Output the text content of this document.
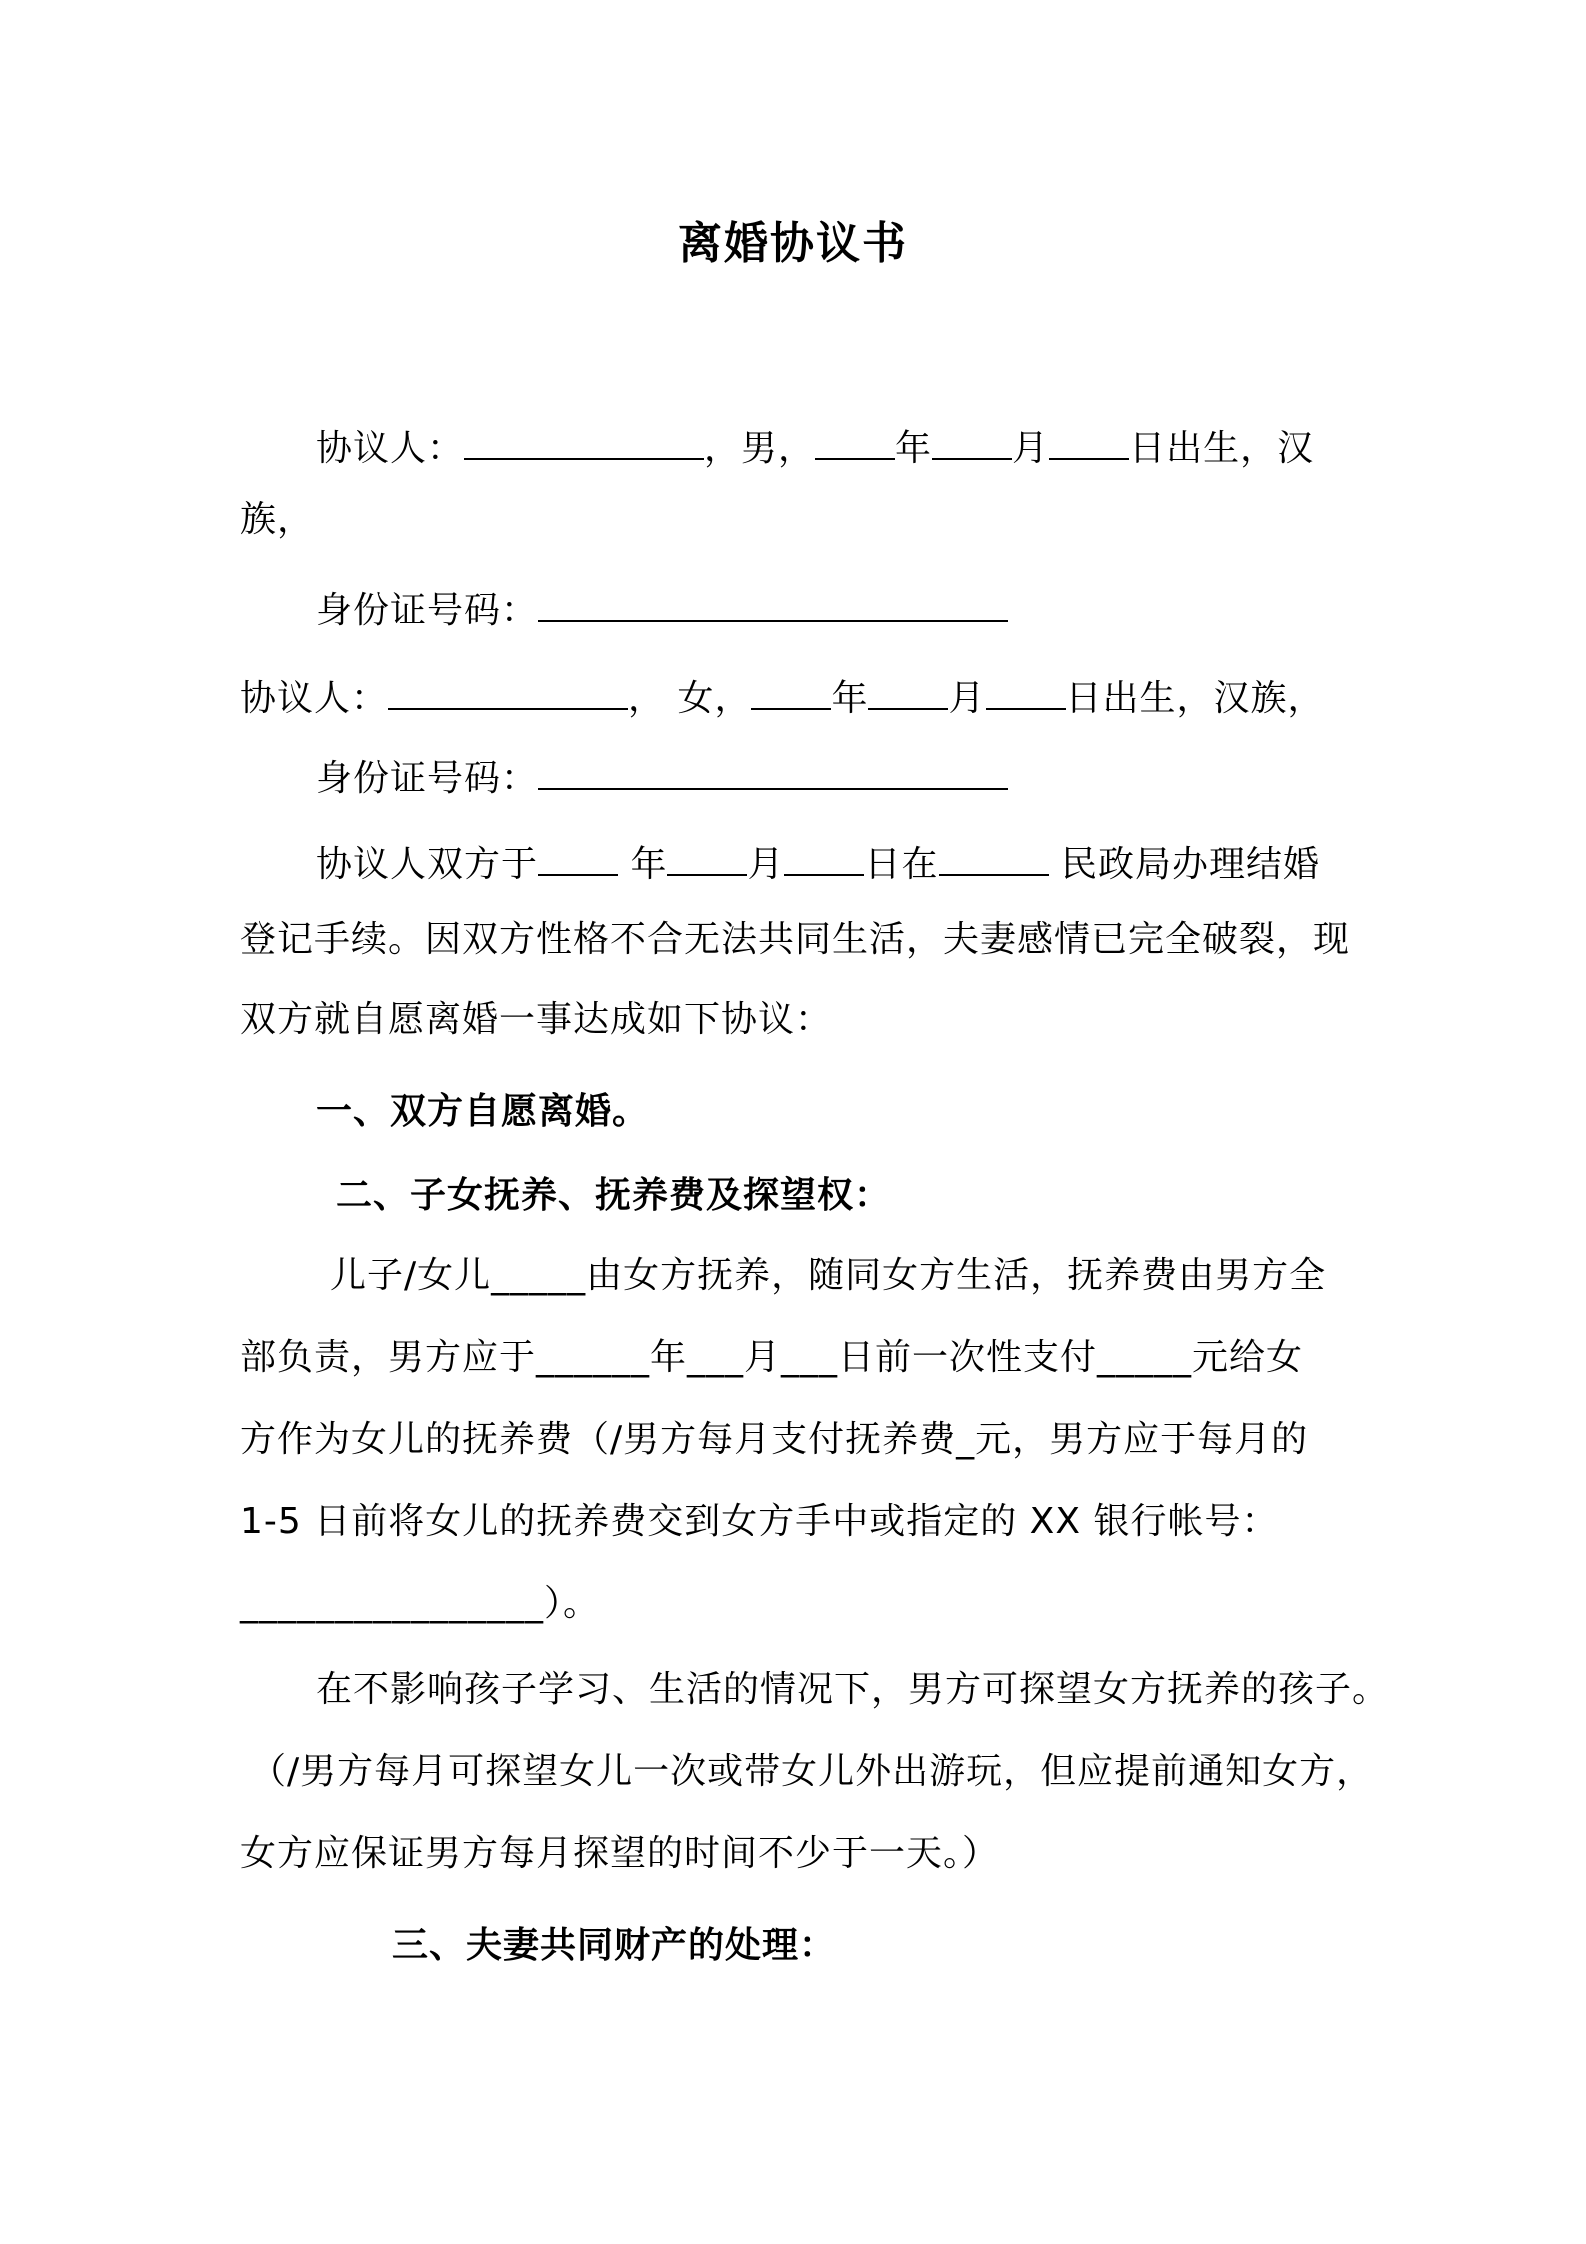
离婚协议书
协议人：	，男， 年 月 日出生，汉
族，
身份证号码：
协议人：	， 女， 年 月 日出生，汉族，
身份证号码：
协议人双方于 年 月 日在	民政局办理结婚
登记手续。因双方性格不合无法共同生活，夫妻感情已完全破裂，现
双方就自愿离婚一事达成如下协议：
一、双方自愿离婚。
二、子女抚养、抚养费及探望权：
儿子/女儿_____由女方抚养，随同女方生活，抚养费由男方全
部负责，男方应于______年___月___日前一次性支付_____元给女
方作为女儿的抚养费（/男方每月支付抚养费_元，男方应于每月的
1-5 日前将女儿的抚养费交到女方手中或指定的 XX 银行帐号：
________________）。
在不影响孩子学习、生活的情况下，男方可探望女方抚养的孩子。
（/男方每月可探望女儿一次或带女儿外出游玩，但应提前通知女方，
女方应保证男方每月探望的时间不少于一天。）
三、夫妻共同财产的处理：
